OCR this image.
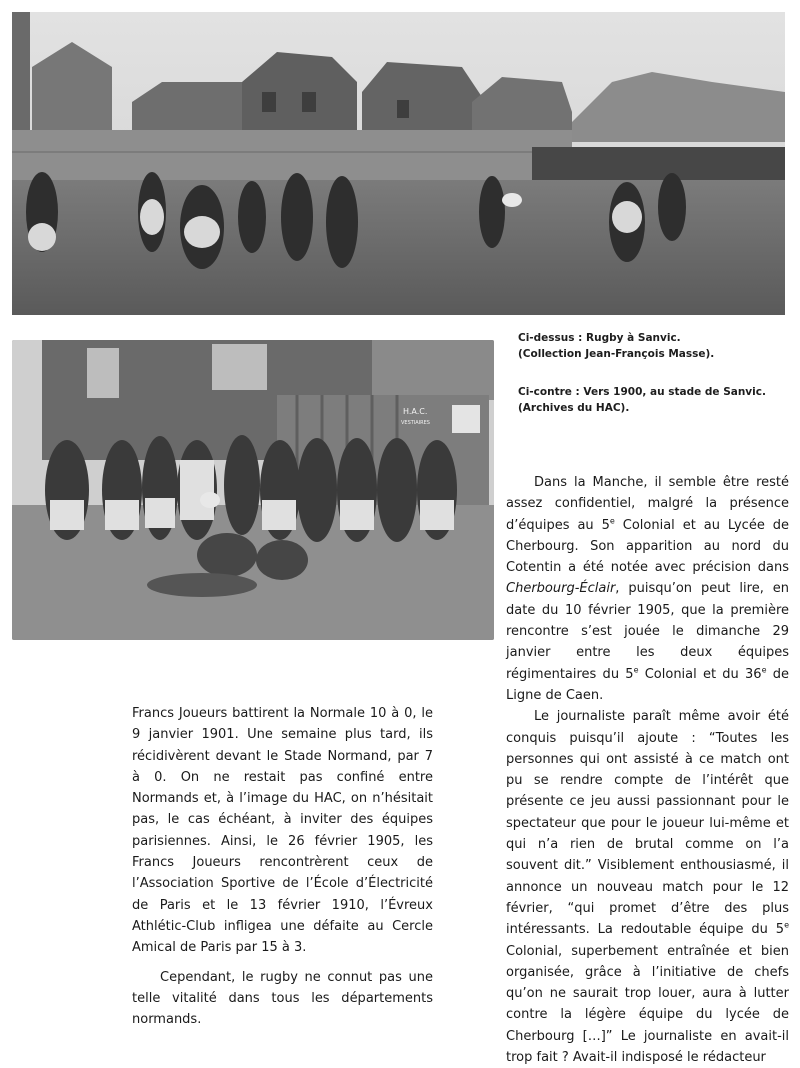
Ci-dessus : Rugby à Sanvic.
(Collection Jean-François Masse).

H.A.C.
VESTIAIRES

Ci-contre : Vers 1900, au stade de Sanvic.
(Archives du HAC).

Dans la Manche, il semble être resté assez confidentiel, malgré la présence d’équipes au 5e Colonial et au Lycée de Cherbourg. Son apparition au nord du Cotentin a été notée avec précision dans Cherbourg-Éclair, puisqu’on peut lire, en date du 10 février 1905, que la première rencontre s’est jouée le dimanche 29 janvier entre les deux équipes régimentaires du 5e Colonial et du 36e de Ligne de Caen.

Le journaliste paraît même avoir été conquis puisqu’il ajoute : “Toutes les personnes qui ont assisté à ce match ont pu se rendre compte de l’intérêt que présente ce jeu aussi passionnant pour le spectateur que pour le joueur lui-même et qui n’a rien de brutal comme on l’a souvent dit.” Visiblement enthousiasmé, il annonce un nouveau match pour le 12 février, “qui promet d’être des plus intéressants. La redoutable équipe du 5e Colonial, superbement entraînée et bien organisée, grâce à l’initiative de chefs qu’on ne saurait trop louer, aura à lutter contre la légère équipe du lycée de Cherbourg […]” Le journaliste en avait-il trop fait ? Avait-il indisposé le rédacteur

Francs Joueurs battirent la Normale 10 à 0, le 9 janvier 1901. Une semaine plus tard, ils récidivèrent devant le Stade Normand, par 7 à 0. On ne restait pas confiné entre Normands et, à l’image du HAC, on n’hésitait pas, le cas échéant, à inviter des équipes parisiennes. Ainsi, le 26 février 1905, les Francs Joueurs rencontrèrent ceux de l’Association Sportive de l’École d’Électricité de Paris et le 13 février 1910, l’Évreux Athlétic-Club infligea une défaite au Cercle Amical de Paris par 15 à 3.

Cependant, le rugby ne connut pas une telle vitalité dans tous les départements normands.
